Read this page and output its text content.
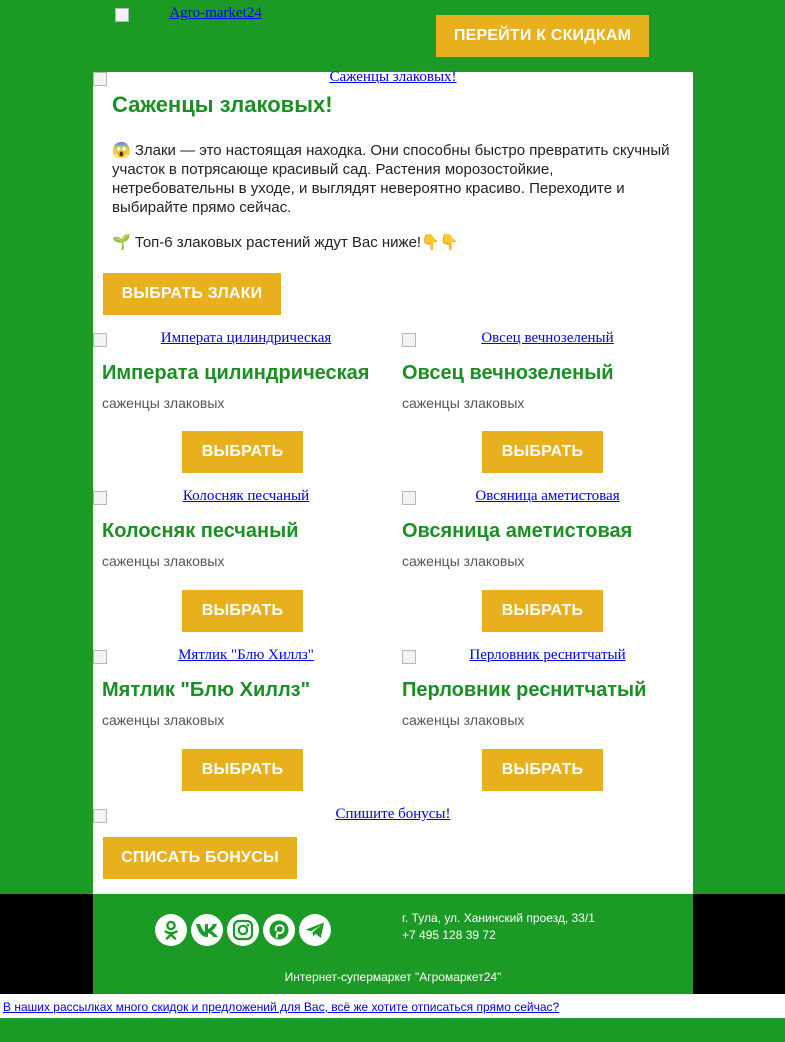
Agro-market24
ПЕРЕЙТИ К СКИДКАМ
Саженцы злаковых!
Саженцы злаковых!
😱 Злаки — это настоящая находка. Они способны быстро превратить скучный участок в потрясающе красивый сад. Растения морозостойкие, нетребовательны в уходе, и выглядят невероятно красиво. Переходите и выбирайте прямо сейчас.
🌱 Топ-6 злаковых растений ждут Вас ниже!👇👇
ВЫБРАТЬ ЗЛАКИ
Императа цилиндрическая
Императа цилиндрическая
саженцы злаковых
ВЫБРАТЬ
Овсец вечнозеленый
Овсец вечнозеленый
саженцы злаковых
ВЫБРАТЬ
Колосняк песчаный
Колосняк песчаный
саженцы злаковых
ВЫБРАТЬ
Овсяница аметистовая
Овсяница аметистовая
саженцы злаковых
ВЫБРАТЬ
Мятлик "Блю Хиллз"
Мятлик "Блю Хиллз"
саженцы злаковых
ВЫБРАТЬ
Перловник реснитчатый
Перловник реснитчатый
саженцы злаковых
ВЫБРАТЬ
Спишите бонусы!
СПИСАТЬ БОНУСЫ
г. Тула, ул. Ханинский проезд, 33/1
+7 495 128 39 72
Интернет-супермаркет "Агромаркет24"
В наших рассылках много скидок и предложений для Вас, всё же хотите отписаться прямо сейчас?
